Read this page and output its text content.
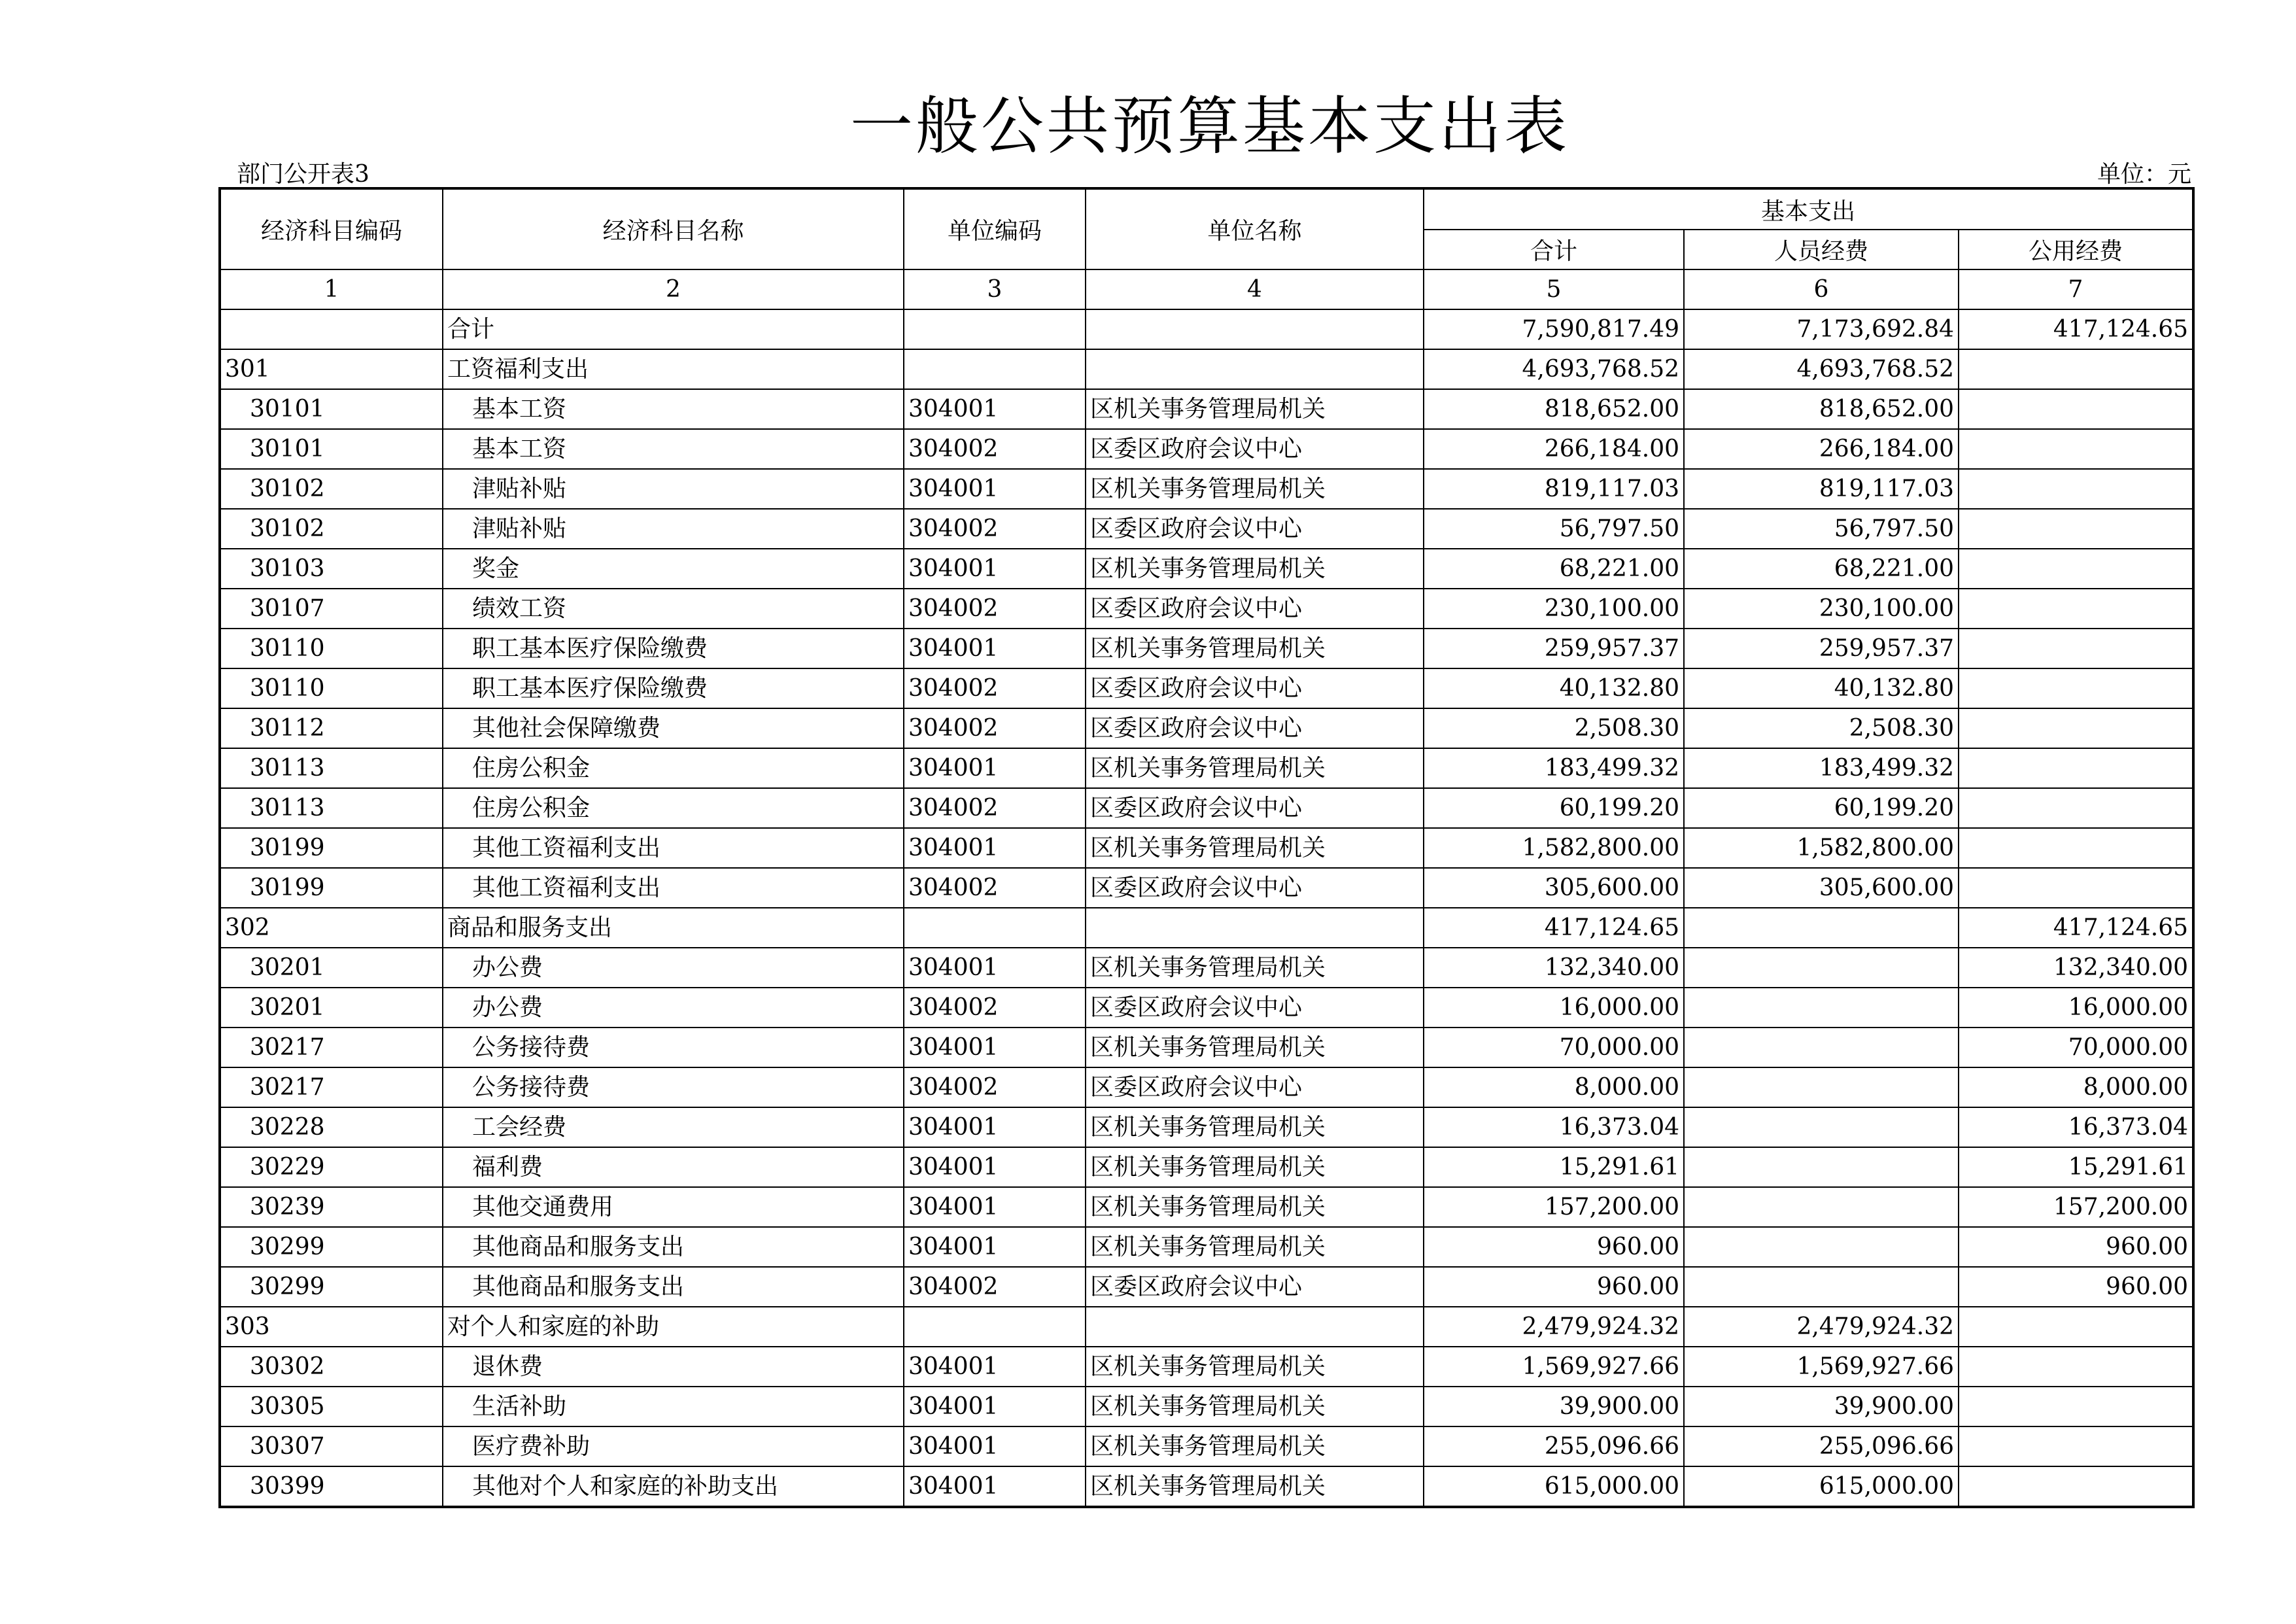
一般公共预算基本支出表
部门公开表3	单位：元
经济科目编码	经济科目名称	单位编码	单位名称	基本支出		
				合计	人员经费	公用经费
1	2	3	4	5	6	7
	合计			7,590,817.49	7,173,692.84	417,124.65
301	工资福利支出			4,693,768.52	4,693,768.52	
30101	基本工资	304001	区机关事务管理局机关	818,652.00	818,652.00	
30101	基本工资	304002	区委区政府会议中心	266,184.00	266,184.00	
30102	津贴补贴	304001	区机关事务管理局机关	819,117.03	819,117.03	
30102	津贴补贴	304002	区委区政府会议中心	56,797.50	56,797.50	
30103	奖金	304001	区机关事务管理局机关	68,221.00	68,221.00	
30107	绩效工资	304002	区委区政府会议中心	230,100.00	230,100.00	
30110	职工基本医疗保险缴费	304001	区机关事务管理局机关	259,957.37	259,957.37	
30110	职工基本医疗保险缴费	304002	区委区政府会议中心	40,132.80	40,132.80	
30112	其他社会保障缴费	304002	区委区政府会议中心	2,508.30	2,508.30	
30113	住房公积金	304001	区机关事务管理局机关	183,499.32	183,499.32	
30113	住房公积金	304002	区委区政府会议中心	60,199.20	60,199.20	
30199	其他工资福利支出	304001	区机关事务管理局机关	1,582,800.00	1,582,800.00	
30199	其他工资福利支出	304002	区委区政府会议中心	305,600.00	305,600.00	
302	商品和服务支出			417,124.65		417,124.65
30201	办公费	304001	区机关事务管理局机关	132,340.00		132,340.00
30201	办公费	304002	区委区政府会议中心	16,000.00		16,000.00
30217	公务接待费	304001	区机关事务管理局机关	70,000.00		70,000.00
30217	公务接待费	304002	区委区政府会议中心	8,000.00		8,000.00
30228	工会经费	304001	区机关事务管理局机关	16,373.04		16,373.04
30229	福利费	304001	区机关事务管理局机关	15,291.61		15,291.61
30239	其他交通费用	304001	区机关事务管理局机关	157,200.00		157,200.00
30299	其他商品和服务支出	304001	区机关事务管理局机关	960.00		960.00
30299	其他商品和服务支出	304002	区委区政府会议中心	960.00		960.00
303	对个人和家庭的补助			2,479,924.32	2,479,924.32	
30302	退休费	304001	区机关事务管理局机关	1,569,927.66	1,569,927.66	
30305	生活补助	304001	区机关事务管理局机关	39,900.00	39,900.00	
30307	医疗费补助	304001	区机关事务管理局机关	255,096.66	255,096.66	
30399	其他对个人和家庭的补助支出	304001	区机关事务管理局机关	615,000.00	615,000.00	
